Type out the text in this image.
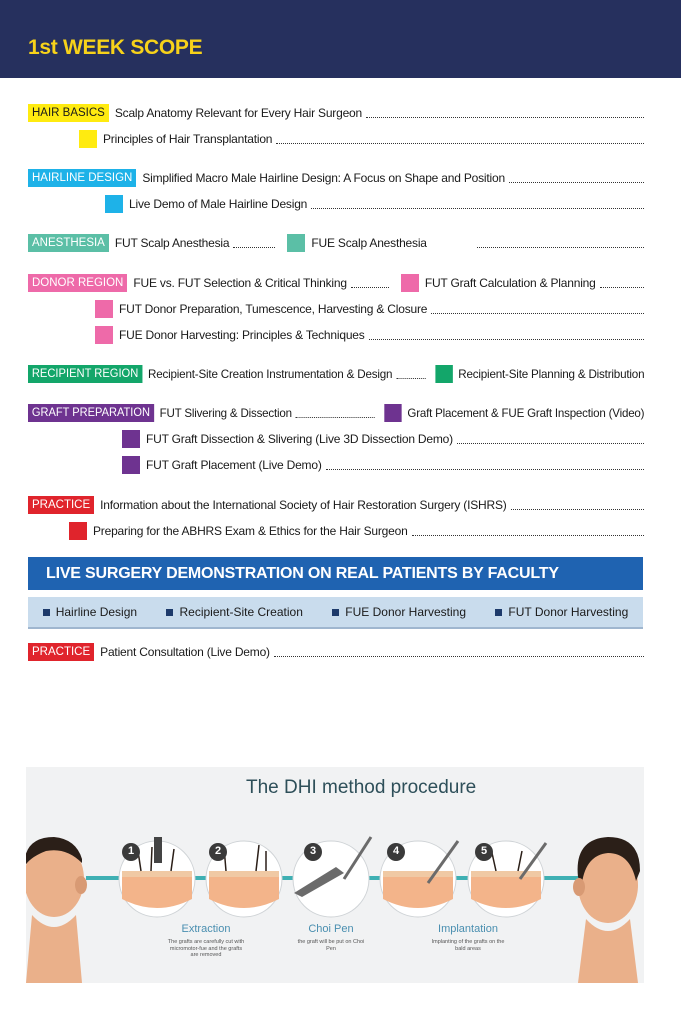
1st WEEK SCOPE
HAIR BASICS Scalp Anatomy Relevant for Every Hair Surgeon
Principles of Hair Transplantation
HAIRLINE DESIGN Simplified Macro Male Hairline Design: A Focus on Shape and Position
Live Demo of Male Hairline Design
ANESTHESIA FUT Scalp Anesthesia	FUE Scalp Anesthesia
DONOR REGION FUE vs. FUT Selection & Critical Thinking	FUT Graft Calculation & Planning
FUT Donor Preparation, Tumescence, Harvesting & Closure
FUE Donor Harvesting: Principles & Techniques
RECIPIENT REGION Recipient-Site Creation Instrumentation & Design	Recipient-Site Planning & Distribution
GRAFT PREPARATION FUT Slivering & Dissection	Graft Placement & FUE Graft Inspection (Video)
FUT Graft Dissection & Slivering (Live 3D Dissection Demo)
FUT Graft Placement (Live Demo)
PRACTICE Information about the International Society of Hair Restoration Surgery (ISHRS)
Preparing for the ABHRS Exam & Ethics for the Hair Surgeon
LIVE SURGERY DEMONSTRATION ON REAL PATIENTS BY FACULTY
Hairline Design	Recipient-Site Creation	FUE Donor Harvesting	FUT Donor Harvesting
PRACTICE Patient Consultation (Live Demo)
The DHI method procedure
1	2	3	4	5
Extraction
The grafts are carefully cut with micromotor-fue and the grafts are removed
Choi Pen
the graft will be put on Choi Pen
Implantation
Implanting of the grafts on the bald areas
